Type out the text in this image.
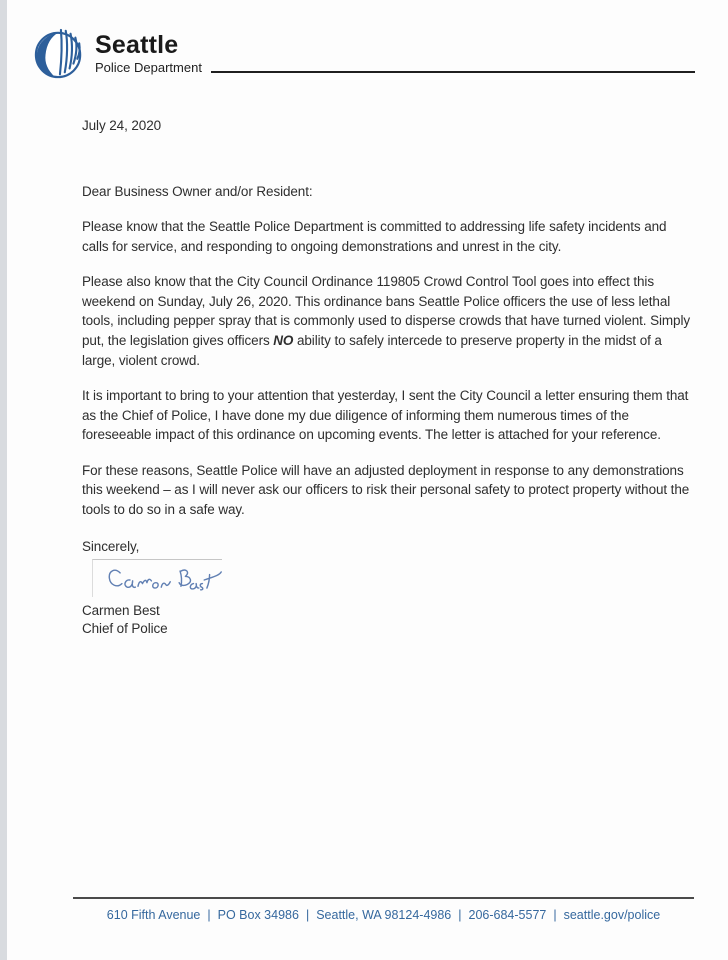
Seattle
Police Department
July 24, 2020
Dear Business Owner and/or Resident:

Please know that the Seattle Police Department is committed to addressing life safety incidents and calls for service, and responding to ongoing demonstrations and unrest in the city.

Please also know that the City Council Ordinance 119805 Crowd Control Tool goes into effect this weekend on Sunday, July 26, 2020. This ordinance bans Seattle Police officers the use of less lethal tools, including pepper spray that is commonly used to disperse crowds that have turned violent. Simply put, the legislation gives officers NO ability to safely intercede to preserve property in the midst of a large, violent crowd.

It is important to bring to your attention that yesterday, I sent the City Council a letter ensuring them that as the Chief of Police, I have done my due diligence of informing them numerous times of the foreseeable impact of this ordinance on upcoming events. The letter is attached for your reference.

For these reasons, Seattle Police will have an adjusted deployment in response to any demonstrations this weekend – as I will never ask our officers to risk their personal safety to protect property without the tools to do so in a safe way.

Sincerely,
Carmen Best
Chief of Police
610 Fifth Avenue | PO Box 34986 | Seattle, WA 98124-4986 | 206-684-5577 | seattle.gov/police
